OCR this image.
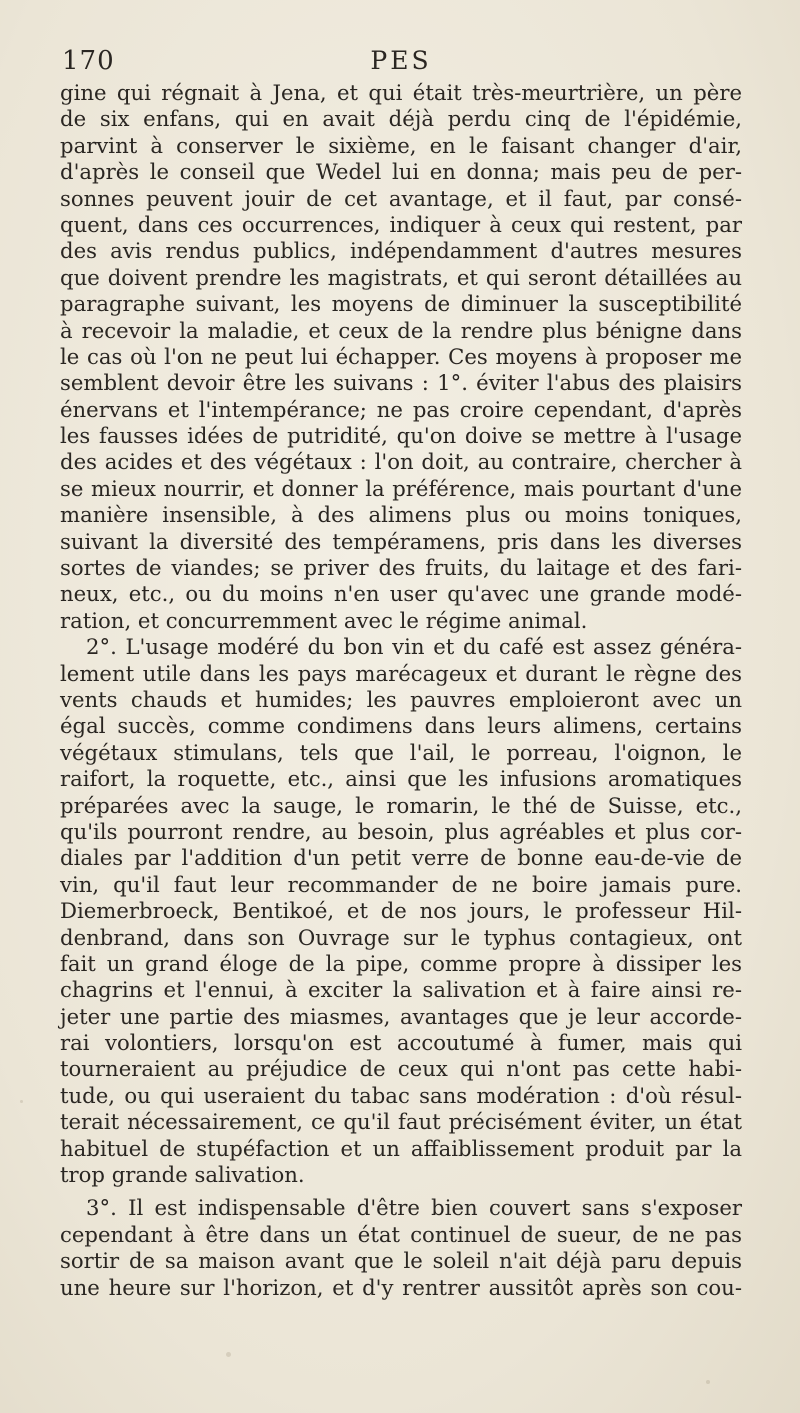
170	PES
gine qui régnait à Jena, et qui était très-meurtrière, un père
de six enfans, qui en avait déjà perdu cinq de l'épidémie,
parvint à conserver le sixième, en le faisant changer d'air,
d'après le conseil que Wedel lui en donna; mais peu de per-
sonnes peuvent jouir de cet avantage, et il faut, par consé-
quent, dans ces occurrences, indiquer à ceux qui restent, par
des avis rendus publics, indépendamment d'autres mesures
que doivent prendre les magistrats, et qui seront détaillées au
paragraphe suivant, les moyens de diminuer la susceptibilité
à recevoir la maladie, et ceux de la rendre plus bénigne dans
le cas où l'on ne peut lui échapper. Ces moyens à proposer me
semblent devoir être les suivans : 1°. éviter l'abus des plaisirs
énervans et l'intempérance; ne pas croire cependant, d'après
les fausses idées de putridité, qu'on doive se mettre à l'usage
des acides et des végétaux : l'on doit, au contraire, chercher à
se mieux nourrir, et donner la préférence, mais pourtant d'une
manière insensible, à des alimens plus ou moins toniques,
suivant la diversité des tempéramens, pris dans les diverses
sortes de viandes; se priver des fruits, du laitage et des fari-
neux, etc., ou du moins n'en user qu'avec une grande modé-
ration, et concurremment avec le régime animal.
2°. L'usage modéré du bon vin et du café est assez généra-
lement utile dans les pays marécageux et durant le règne des
vents chauds et humides; les pauvres emploieront avec un
égal succès, comme condimens dans leurs alimens, certains
végétaux stimulans, tels que l'ail, le porreau, l'oignon, le
raifort, la roquette, etc., ainsi que les infusions aromatiques
préparées avec la sauge, le romarin, le thé de Suisse, etc.,
qu'ils pourront rendre, au besoin, plus agréables et plus cor-
diales par l'addition d'un petit verre de bonne eau-de-vie de
vin, qu'il faut leur recommander de ne boire jamais pure.
Diemerbroeck, Bentikoé, et de nos jours, le professeur Hil-
denbrand, dans son Ouvrage sur le typhus contagieux, ont
fait un grand éloge de la pipe, comme propre à dissiper les
chagrins et l'ennui, à exciter la salivation et à faire ainsi re-
jeter une partie des miasmes, avantages que je leur accorde-
rai volontiers, lorsqu'on est accoutumé à fumer, mais qui
tourneraient au préjudice de ceux qui n'ont pas cette habi-
tude, ou qui useraient du tabac sans modération : d'où résul-
terait nécessairement, ce qu'il faut précisément éviter, un état
habituel de stupéfaction et un affaiblissement produit par la
trop grande salivation.
3°. Il est indispensable d'être bien couvert sans s'exposer
cependant à être dans un état continuel de sueur, de ne pas
sortir de sa maison avant que le soleil n'ait déjà paru depuis
une heure sur l'horizon, et d'y rentrer aussitôt après son cou-
